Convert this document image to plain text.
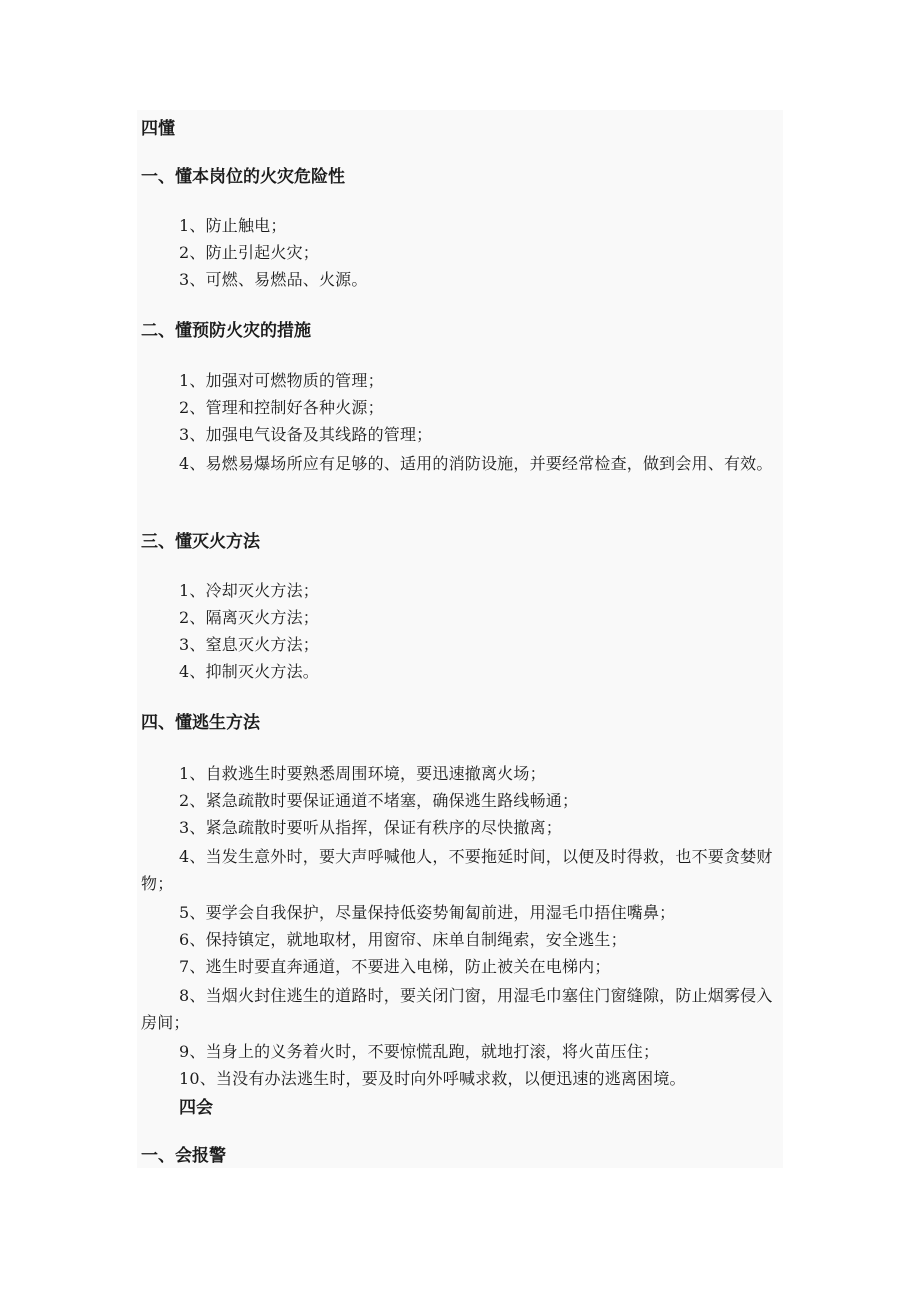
四懂

一、懂本岗位的火灾危险性

1、防止触电；

2、防止引起火灾；

3、可燃、易燃品、火源。

二、懂预防火灾的措施

1、加强对可燃物质的管理；

2、管理和控制好各种火源；

3、加强电气设备及其线路的管理；

4、易燃易爆场所应有足够的、适用的消防设施，并要经常检查，做到会用、有效。

三、懂灭火方法

1、冷却灭火方法；

2、隔离灭火方法；

3、窒息灭火方法；

4、抑制灭火方法。

四、懂逃生方法

1、自救逃生时要熟悉周围环境，要迅速撤离火场；

2、紧急疏散时要保证通道不堵塞，确保逃生路线畅通；

3、紧急疏散时要听从指挥，保证有秩序的尽快撤离；

4、当发生意外时，要大声呼喊他人，不要拖延时间，以便及时得救，也不要贪婪财物；

5、要学会自我保护，尽量保持低姿势匍匐前进，用湿毛巾捂住嘴鼻；

6、保持镇定，就地取材，用窗帘、床单自制绳索，安全逃生；

7、逃生时要直奔通道，不要进入电梯，防止被关在电梯内；

8、当烟火封住逃生的道路时，要关闭门窗，用湿毛巾塞住门窗缝隙，防止烟雾侵入房间；

9、当身上的义务着火时，不要惊慌乱跑，就地打滚，将火苗压住；

10、当没有办法逃生时，要及时向外呼喊求救，以便迅速的逃离困境。

四会

一、会报警
